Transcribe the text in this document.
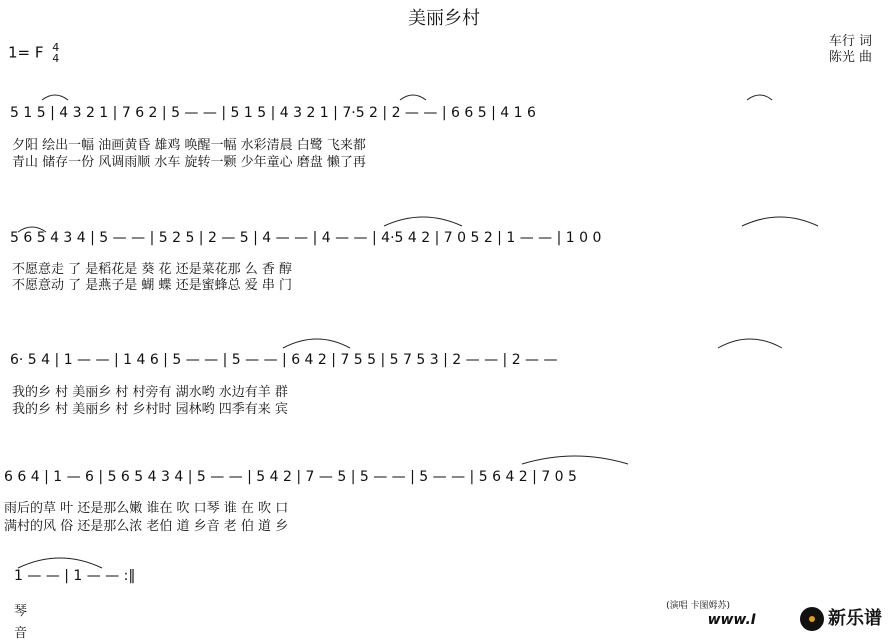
美丽乡村
1= F 4
4
车行 词
陈光 曲
5 1 5 | 4 3 2 1 | 7 6 2 | 5 — — | 5 1 5 | 4 3 2 1 | 7·5 2 | 2 — — | 6 6 5 | 4 1 6
夕阳 绘出一幅 油画黄昏 雄鸡 唤醒一幅 水彩清晨 白鹭 飞来都
青山 储存一份 风调雨顺 水车 旋转一颗 少年童心 磨盘 懒了再
5 6 5 4 3 4 | 5 — — | 5 2 5 | 2 — 5 | 4 — — | 4 — — | 4·5 4 2 | 7 0 5 2 | 1 — — | 1 0 0
不愿意走 了 是稻花是 葵 花 还是菜花那 么 香 醇
不愿意动 了 是燕子是 蝴 蝶 还是蜜蜂总 爱 串 门
6· 5 4 | 1 — — | 1 4 6 | 5 — — | 5 — — | 6 4 2 | 7 5 5 | 5 7 5 3 | 2 — — | 2 — —
我的乡 村 美丽乡 村 村旁有 湖水哟 水边有羊 群
我的乡 村 美丽乡 村 乡村时 园林哟 四季有来 宾
6 6 4 | 1 — 6 | 5 6 5 4 3 4 | 5 — — | 5 4 2 | 7 — 5 | 5 — — | 5 — — | 5 6 4 2 | 7 0 5
雨后的草 叶 还是那么嫩 谁在 吹 口琴 谁 在 吹 口
满村的风 俗 还是那么浓 老伯 道 乡音 老 伯 道 乡
1 — — | 1 — — :‖
琴
音
(演唱 卡图姆苏)
www.I	新乐谱
